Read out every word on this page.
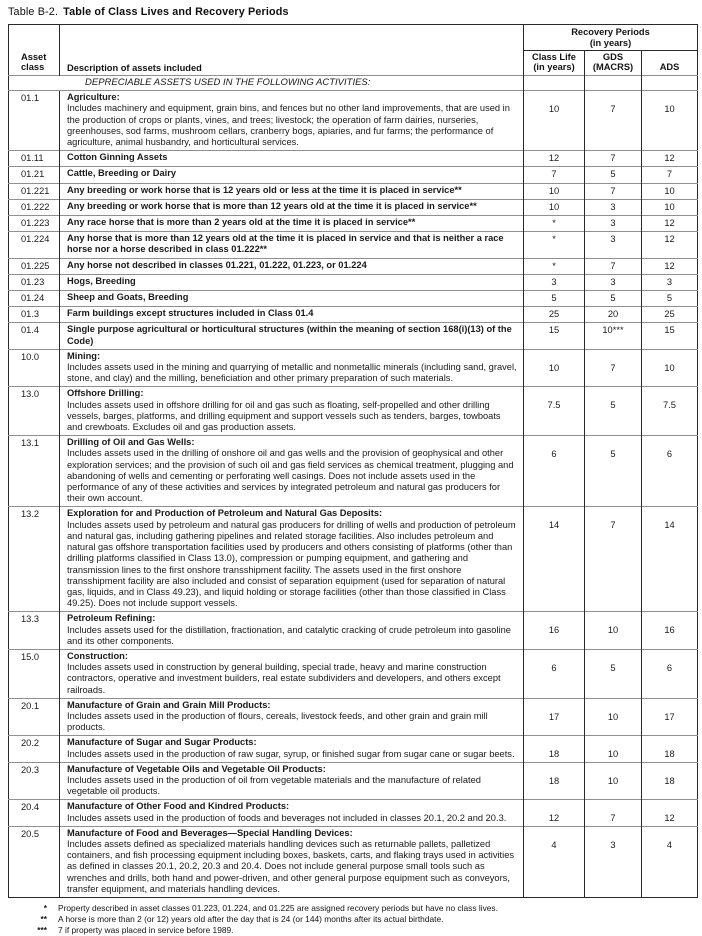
Table B-2. Table of Class Lives and Recovery Periods
Asset
class	Description of assets included	
Recovery Periods
(in years)

Class Life
(in years)

GDS
(MACRS)	ADS
DEPRECIABLE ASSETS USED IN THE FOLLOWING ACTIVITIES:				
01.1	Agriculture:
Includes machinery and equipment, grain bins, and fences but no other land improvements, that are used in the production of crops or plants, vines, and trees; livestock; the operation of farm dairies, nurseries, greenhouses, sod farms, mushroom cellars, cranberry bogs, apiaries, and fur farms; the performance of agriculture, animal husbandry, and horticultural services.	10	7	10
01.11	Cotton Ginning Assets	12	7	12
01.21	Cattle, Breeding or Dairy	7	5	7
01.221	Any breeding or work horse that is 12 years old or less at the time it is placed in service**	10	7	10
01.222	Any breeding or work horse that is more than 12 years old at the time it is placed in service**	10	3	10
01.223	Any race horse that is more than 2 years old at the time it is placed in service**	*	3	12
01.224	Any horse that is more than 12 years old at the time it is placed in service and that is neither a race horse nor a horse described in class 01.222**	*	3	12
01.225	Any horse not described in classes 01.221, 01.222, 01.223, or 01.224	*	7	12
01.23	Hogs, Breeding	3	3	3
01.24	Sheep and Goats, Breeding	5	5	5
01.3	Farm buildings except structures included in Class 01.4	25	20	25
01.4	Single purpose agricultural or horticultural structures (within the meaning of section 168(i)(13) of the Code)	15	10***	15
10.0	Mining:
Includes assets used in the mining and quarrying of metallic and nonmetallic minerals (including sand, gravel, stone, and clay) and the milling, beneficiation and other primary preparation of such materials.	10	7	10
13.0	Offshore Drilling:
Includes assets used in offshore drilling for oil and gas such as floating, self-propelled and other drilling vessels, barges, platforms, and drilling equipment and support vessels such as tenders, barges, towboats and crewboats. Excludes oil and gas production assets.	7.5	5	7.5
13.1	Drilling of Oil and Gas Wells:
Includes assets used in the drilling of onshore oil and gas wells and the provision of geophysical and other exploration services; and the provision of such oil and gas field services as chemical treatment, plugging and abandoning of wells and cementing or perforating well casings. Does not include assets used in the performance of any of these activities and services by integrated petroleum and natural gas producers for their own account.	6	5	6
13.2	Exploration for and Production of Petroleum and Natural Gas Deposits:
Includes assets used by petroleum and natural gas producers for drilling of wells and production of petroleum and natural gas, including gathering pipelines and related storage facilities. Also includes petroleum and natural gas offshore transportation facilities used by producers and others consisting of platforms (other than drilling platforms classified in Class 13.0), compression or pumping equipment, and gathering and transmission lines to the first onshore transshipment facility. The assets used in the first onshore transshipment facility are also included and consist of separation equipment (used for separation of natural gas, liquids, and in Class 49.23), and liquid holding or storage facilities (other than those classified in Class 49.25). Does not include support vessels.	14	7	14
13.3	Petroleum Refining:
Includes assets used for the distillation, fractionation, and catalytic cracking of crude petroleum into gasoline and its other components.	16	10	16
15.0	Construction:
Includes assets used in construction by general building, special trade, heavy and marine construction contractors, operative and investment builders, real estate subdividers and developers, and others except railroads.	6	5	6
20.1	Manufacture of Grain and Grain Mill Products:
Includes assets used in the production of flours, cereals, livestock feeds, and other grain and grain mill products.	17	10	17
20.2	Manufacture of Sugar and Sugar Products:
Includes assets used in the production of raw sugar, syrup, or finished sugar from sugar cane or sugar beets.	18	10	18
20.3	Manufacture of Vegetable Oils and Vegetable Oil Products:
Includes assets used in the production of oil from vegetable materials and the manufacture of related vegetable oil products.	18	10	18
20.4	Manufacture of Other Food and Kindred Products:
Includes assets used in the production of foods and beverages not included in classes 20.1, 20.2 and 20.3.	12	7	12
20.5	Manufacture of Food and Beverages—Special Handling Devices:
Includes assets defined as specialized materials handling devices such as returnable pallets, palletized containers, and fish processing equipment including boxes, baskets, carts, and flaking trays used in activities as defined in classes 20.1, 20.2, 20.3 and 20.4. Does not include general purpose small tools such as wrenches and drills, both hand and power-driven, and other general purpose equipment such as conveyors, transfer equipment, and materials handling devices.	4	3	4
*	Property described in asset classes 01.223, 01.224, and 01.225 are assigned recovery periods but have no class lives.
**	A horse is more than 2 (or 12) years old after the day that is 24 (or 144) months after its actual birthdate.
***	7 if property was placed in service before 1989.
